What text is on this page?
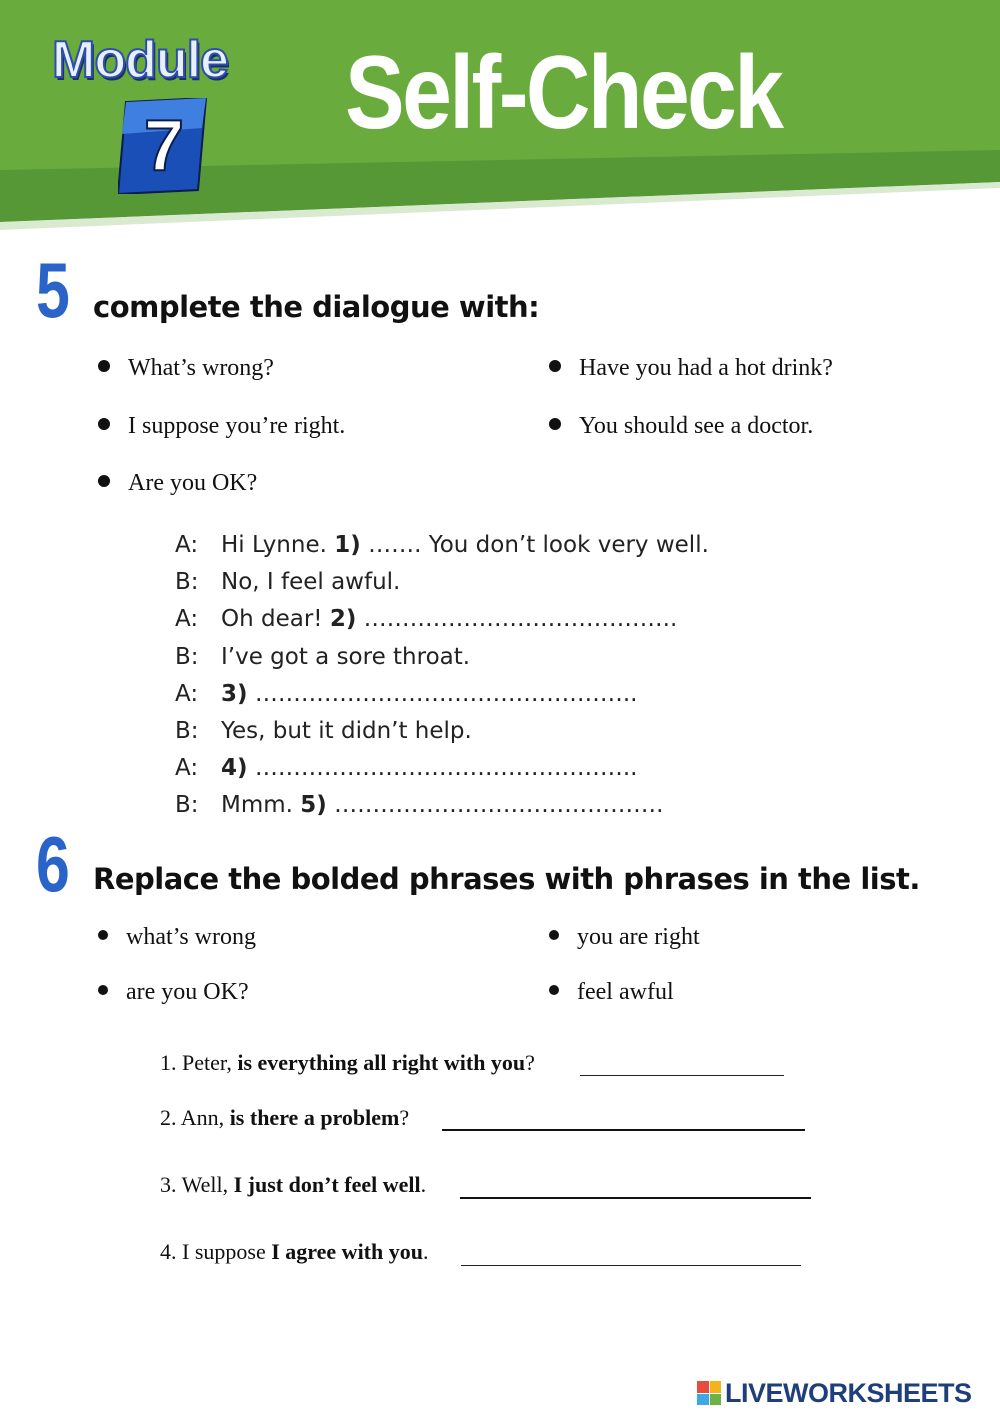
Module
7 Self-Check
5 complete the dialogue with:
What’s wrong?	Have you had a hot drink?
I suppose you’re right.	You should see a doctor.
Are you OK?
A: Hi Lynne. 1) ……. You don’t look very well.
B: No, I feel awful.
A: Oh dear! 2) …………………………………..
B: I’ve got a sore throat.
A: 3) …………………………………………..
B: Yes, but it didn’t help.
A: 4) …………………………………………..
B: Mmm. 5) …………………………………….
6 Replace the bolded phrases with phrases in the list.
what’s wrong	you are right
are you OK?	feel awful
1. Peter, is everything all right with you?
2. Ann, is there a problem?
3. Well, I just don’t feel well.
4. I suppose I agree with you.
LIVEWORKSHEETS
